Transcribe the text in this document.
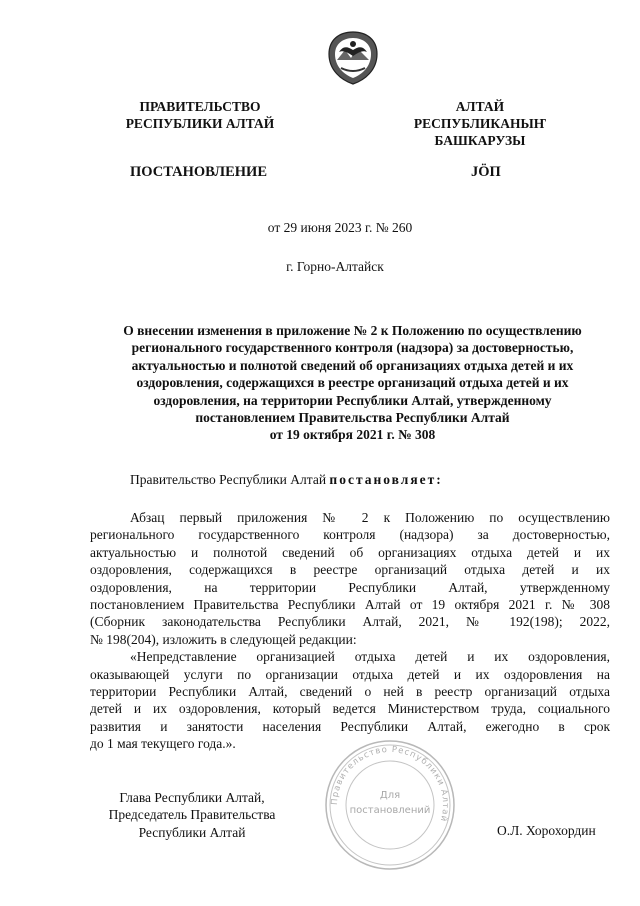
ПРАВИТЕЛЬСТВО
РЕСПУБЛИКИ АЛТАЙ
АЛТАЙ РЕСПУБЛИКАНЫҤ
БАШКАРУЗЫ
ПОСТАНОВЛЕНИЕ	JӦП
от 29 июня 2023 г. № 260
г. Горно-Алтайск
О внесении изменения в приложение № 2 к Положению по осуществлению
регионального государственного контроля (надзора) за достоверностью,
актуальностью и полнотой сведений об организациях отдыха детей и их
оздоровления, содержащихся в реестре организаций отдыха детей и их
оздоровления, на территории Республики Алтай, утвержденному
постановлением Правительства Республики Алтай
от 19 октября 2021 г. № 308
Правительство Республики Алтай постановляет:
Абзац первый приложения № 2 к Положению по осуществлению
регионального государственного контроля (надзора) за достоверностью,
актуальностью и полнотой сведений об организациях отдыха детей и их
оздоровления, содержащихся в реестре организаций отдыха детей и их
оздоровления, на территории Республики Алтай, утвержденному
постановлением Правительства Республики Алтай от 19 октября 2021 г. № 308
(Сборник законодательства Республики Алтай, 2021, № 192(198); 2022,
№ 198(204), изложить в следующей редакции:
«Непредставление организацией отдыха детей и их оздоровления,
оказывающей услуги по организации отдыха детей и их оздоровления на
территории Республики Алтай, сведений о ней в реестр организаций отдыха
детей и их оздоровления, который ведется Министерством труда, социального
развития и занятости населения Республики Алтай, ежегодно в срок
до 1 мая текущего года.».
Правительство Республики Алтай
Для
постановлений
Глава Республики Алтай,
Председатель Правительства
Республики Алтай	О.Л. Хорохордин
